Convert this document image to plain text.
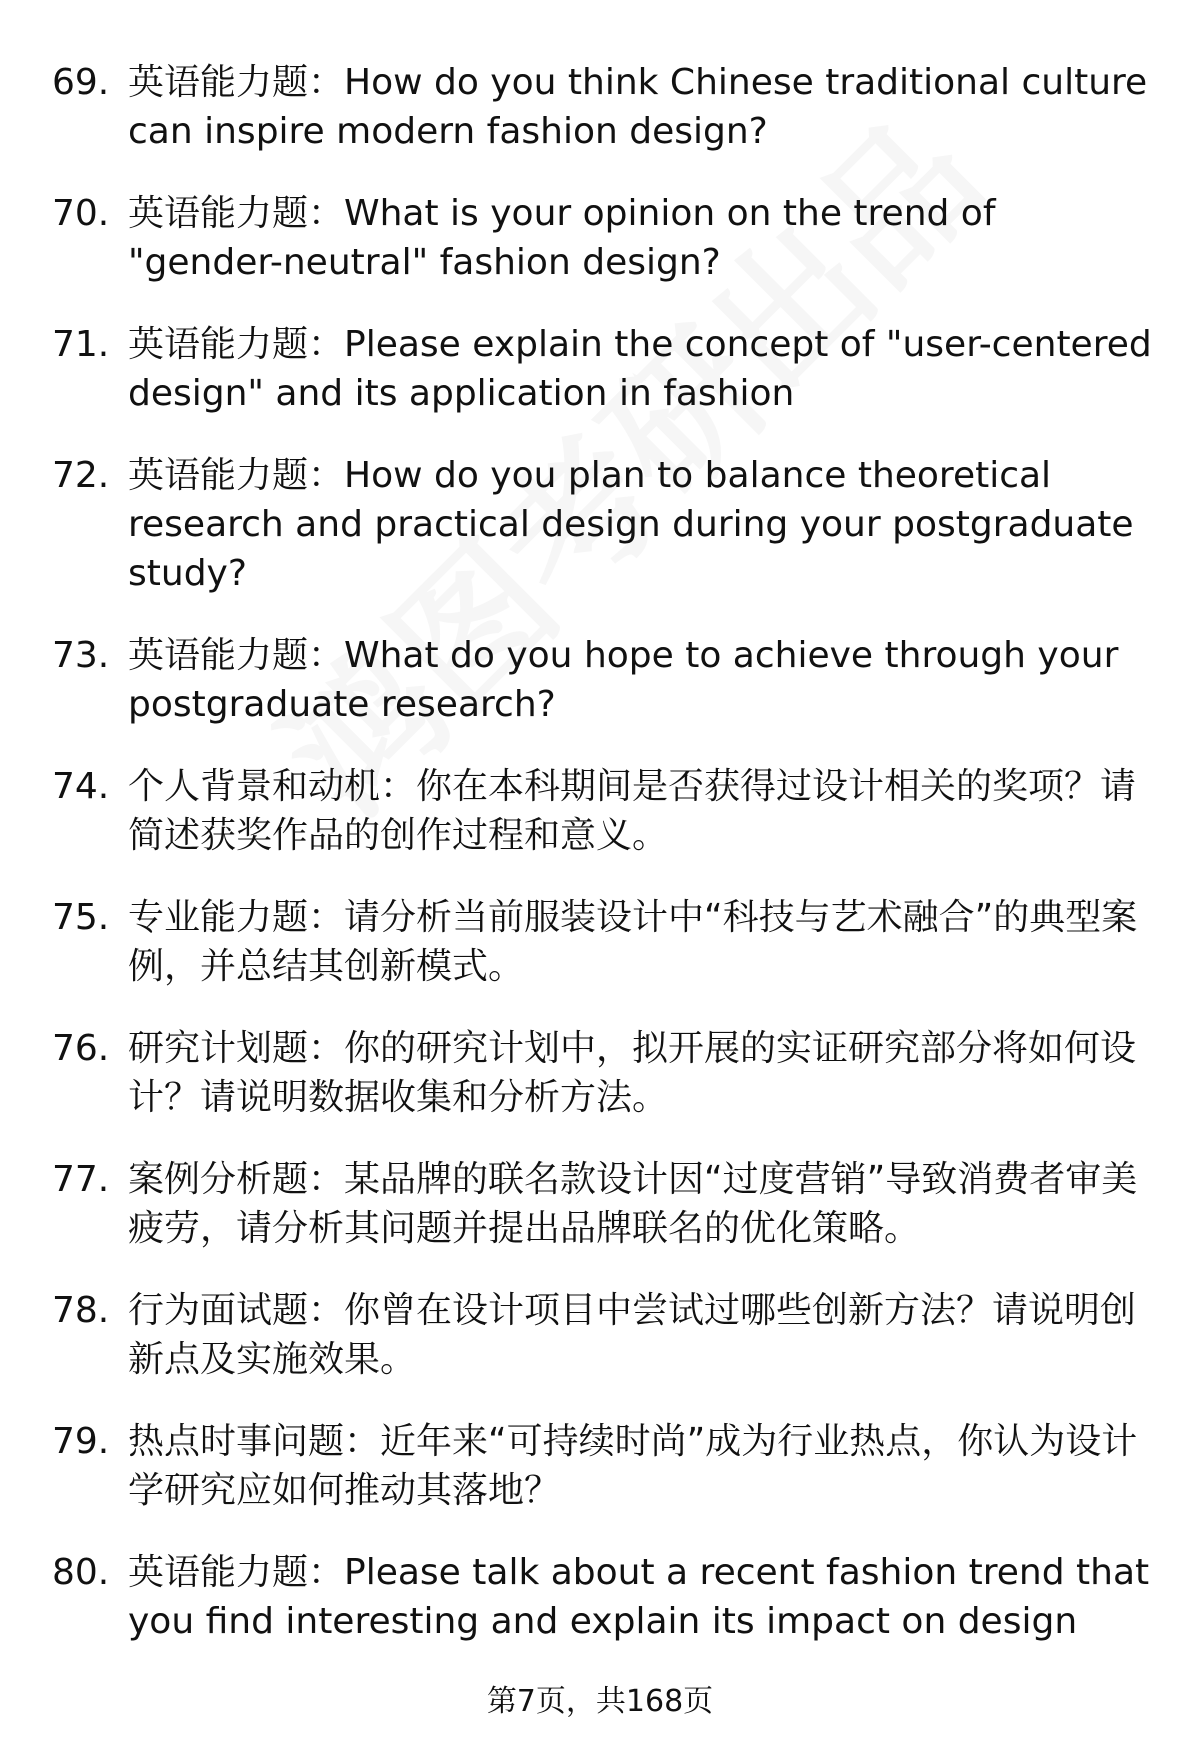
69. 英语能力题：How do you think Chinese traditional culture can inspire modern fashion design?
70. 英语能力题：What is your opinion on the trend of "gender-neutral" fashion design?
71. 英语能力题：Please explain the concept of "user-centered design" and its application in fashion
72. 英语能力题：How do you plan to balance theoretical research and practical design during your postgraduate study?
73. 英语能力题：What do you hope to achieve through your postgraduate research?
74. 个人背景和动机：你在本科期间是否获得过设计相关的奖项？请简述获奖作品的创作过程和意义。
75. 专业能力题：请分析当前服装设计中“科技与艺术融合”的典型案例，并总结其创新模式。
76. 研究计划题：你的研究计划中，拟开展的实证研究部分将如何设计？请说明数据收集和分析方法。
77. 案例分析题：某品牌的联名款设计因“过度营销”导致消费者审美疲劳，请分析其问题并提出品牌联名的优化策略。
78. 行为面试题：你曾在设计项目中尝试过哪些创新方法？请说明创新点及实施效果。
79. 热点时事问题：近年来“可持续时尚”成为行业热点，你认为设计学研究应如何推动其落地？
80. 英语能力题：Please talk about a recent fashion trend that you find interesting and explain its impact on design
第7页，共168页
